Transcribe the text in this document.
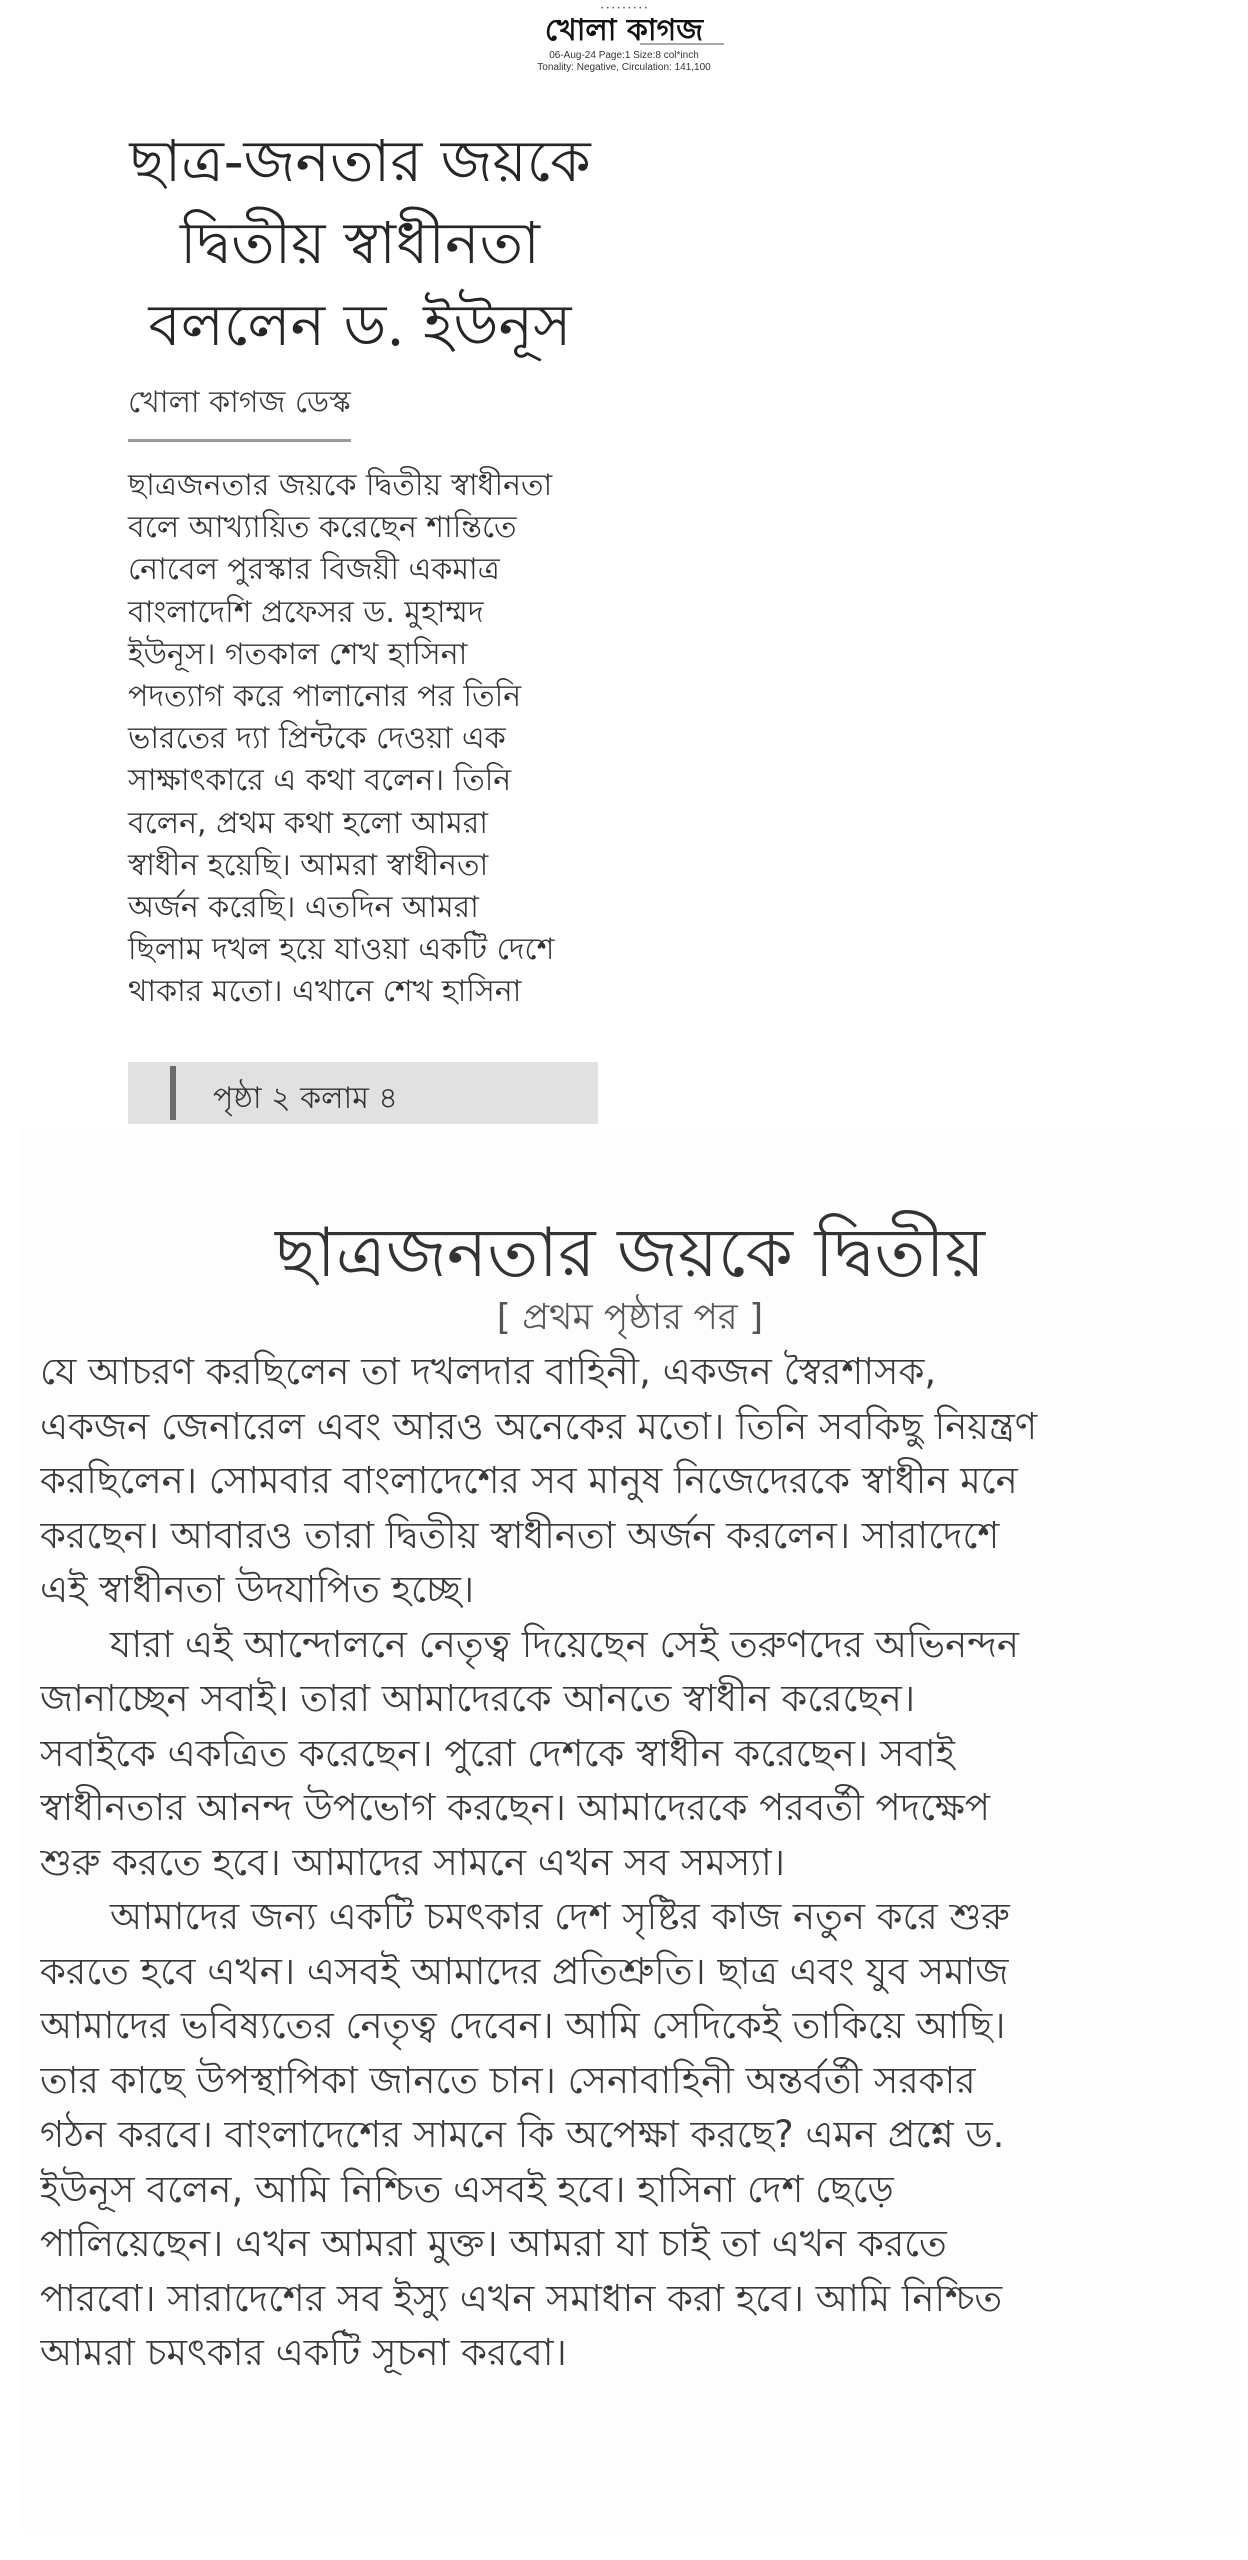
• • • • • • • • •
খোলা কাগজ
06-Aug-24 Page:1 Size:8 col*inch
Tonality: Negative, Circulation: 141,100
ছাত্র-জনতার জয়কে
দ্বিতীয় স্বাধীনতা
বললেন ড. ইউনূস
খোলা কাগজ ডেস্ক
ছাত্রজনতার জয়কে দ্বিতীয় স্বাধীনতা
বলে আখ্যায়িত করেছেন শান্তিতে
নোবেল পুরস্কার বিজয়ী একমাত্র
বাংলাদেশি প্রফেসর ড. মুহাম্মদ
ইউনূস। গতকাল শেখ হাসিনা
পদত্যাগ করে পালানোর পর তিনি
ভারতের দ্যা প্রিন্টকে দেওয়া এক
সাক্ষাৎকারে এ কথা বলেন। তিনি
বলেন, প্রথম কথা হলো আমরা
স্বাধীন হয়েছি। আমরা স্বাধীনতা
অর্জন করেছি। এতদিন আমরা
ছিলাম দখল হয়ে যাওয়া একটি দেশে
থাকার মতো। এখানে শেখ হাসিনা
পৃষ্ঠা ২ কলাম ৪
ছাত্রজনতার জয়কে দ্বিতীয়
[ প্রথম পৃষ্ঠার পর ]
যে আচরণ করছিলেন তা দখলদার বাহিনী, একজন স্বৈরশাসক,
একজন জেনারেল এবং আরও অনেকের মতো। তিনি সবকিছু নিয়ন্ত্রণ
করছিলেন। সোমবার বাংলাদেশের সব মানুষ নিজেদেরকে স্বাধীন মনে
করছেন। আবারও তারা দ্বিতীয় স্বাধীনতা অর্জন করলেন। সারাদেশে
এই স্বাধীনতা উদযাপিত হচ্ছে।
যারা এই আন্দোলনে নেতৃত্ব দিয়েছেন সেই তরুণদের অভিনন্দন
জানাচ্ছেন সবাই। তারা আমাদেরকে আনতে স্বাধীন করেছেন।
সবাইকে একত্রিত করেছেন। পুরো দেশকে স্বাধীন করেছেন। সবাই
স্বাধীনতার আনন্দ উপভোগ করছেন। আমাদেরকে পরবর্তী পদক্ষেপ
শুরু করতে হবে। আমাদের সামনে এখন সব সমস্যা।
আমাদের জন্য একটি চমৎকার দেশ সৃষ্টির কাজ নতুন করে শুরু
করতে হবে এখন। এসবই আমাদের প্রতিশ্রুতি। ছাত্র এবং যুব সমাজ
আমাদের ভবিষ্যতের নেতৃত্ব দেবেন। আমি সেদিকেই তাকিয়ে আছি।
তার কাছে উপস্থাপিকা জানতে চান। সেনাবাহিনী অন্তর্বর্তী সরকার
গঠন করবে। বাংলাদেশের সামনে কি অপেক্ষা করছে? এমন প্রশ্নে ড.
ইউনূস বলেন, আমি নিশ্চিত এসবই হবে। হাসিনা দেশ ছেড়ে
পালিয়েছেন। এখন আমরা মুক্ত। আমরা যা চাই তা এখন করতে
পারবো। সারাদেশের সব ইস্যু এখন সমাধান করা হবে। আমি নিশ্চিত
আমরা চমৎকার একটি সূচনা করবো।
